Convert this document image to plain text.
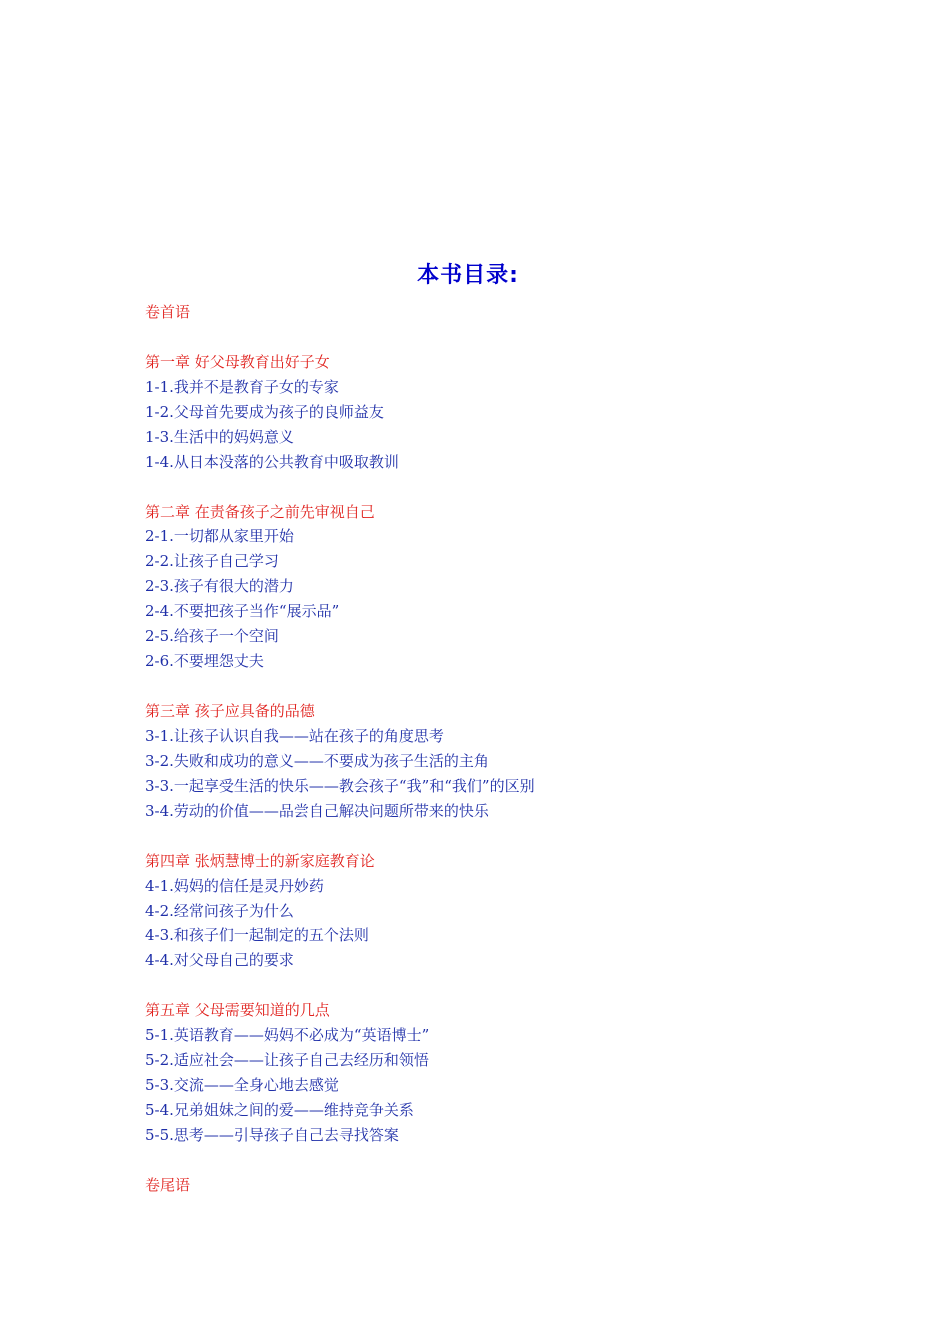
本书目录:
卷首语
第一章 好父母教育出好子女
1-1.我并不是教育子女的专家
1-2.父母首先要成为孩子的良师益友
1-3.生活中的妈妈意义
1-4.从日本没落的公共教育中吸取教训
第二章 在责备孩子之前先审视自己
2-1.一切都从家里开始
2-2.让孩子自己学习
2-3.孩子有很大的潜力
2-4.不要把孩子当作“展示品”
2-5.给孩子一个空间
2-6.不要埋怨丈夫
第三章 孩子应具备的品德
3-1.让孩子认识自我——站在孩子的角度思考
3-2.失败和成功的意义——不要成为孩子生活的主角
3-3.一起享受生活的快乐——教会孩子“我”和“我们”的区别
3-4.劳动的价值——品尝自己解决问题所带来的快乐
第四章 张炳慧博士的新家庭教育论
4-1.妈妈的信任是灵丹妙药
4-2.经常问孩子为什么
4-3.和孩子们一起制定的五个法则
4-4.对父母自己的要求
第五章 父母需要知道的几点
5-1.英语教育——妈妈不必成为“英语博士”
5-2.适应社会——让孩子自己去经历和领悟
5-3.交流——全身心地去感觉
5-4.兄弟姐妹之间的爱——维持竞争关系
5-5.思考——引导孩子自己去寻找答案
卷尾语
